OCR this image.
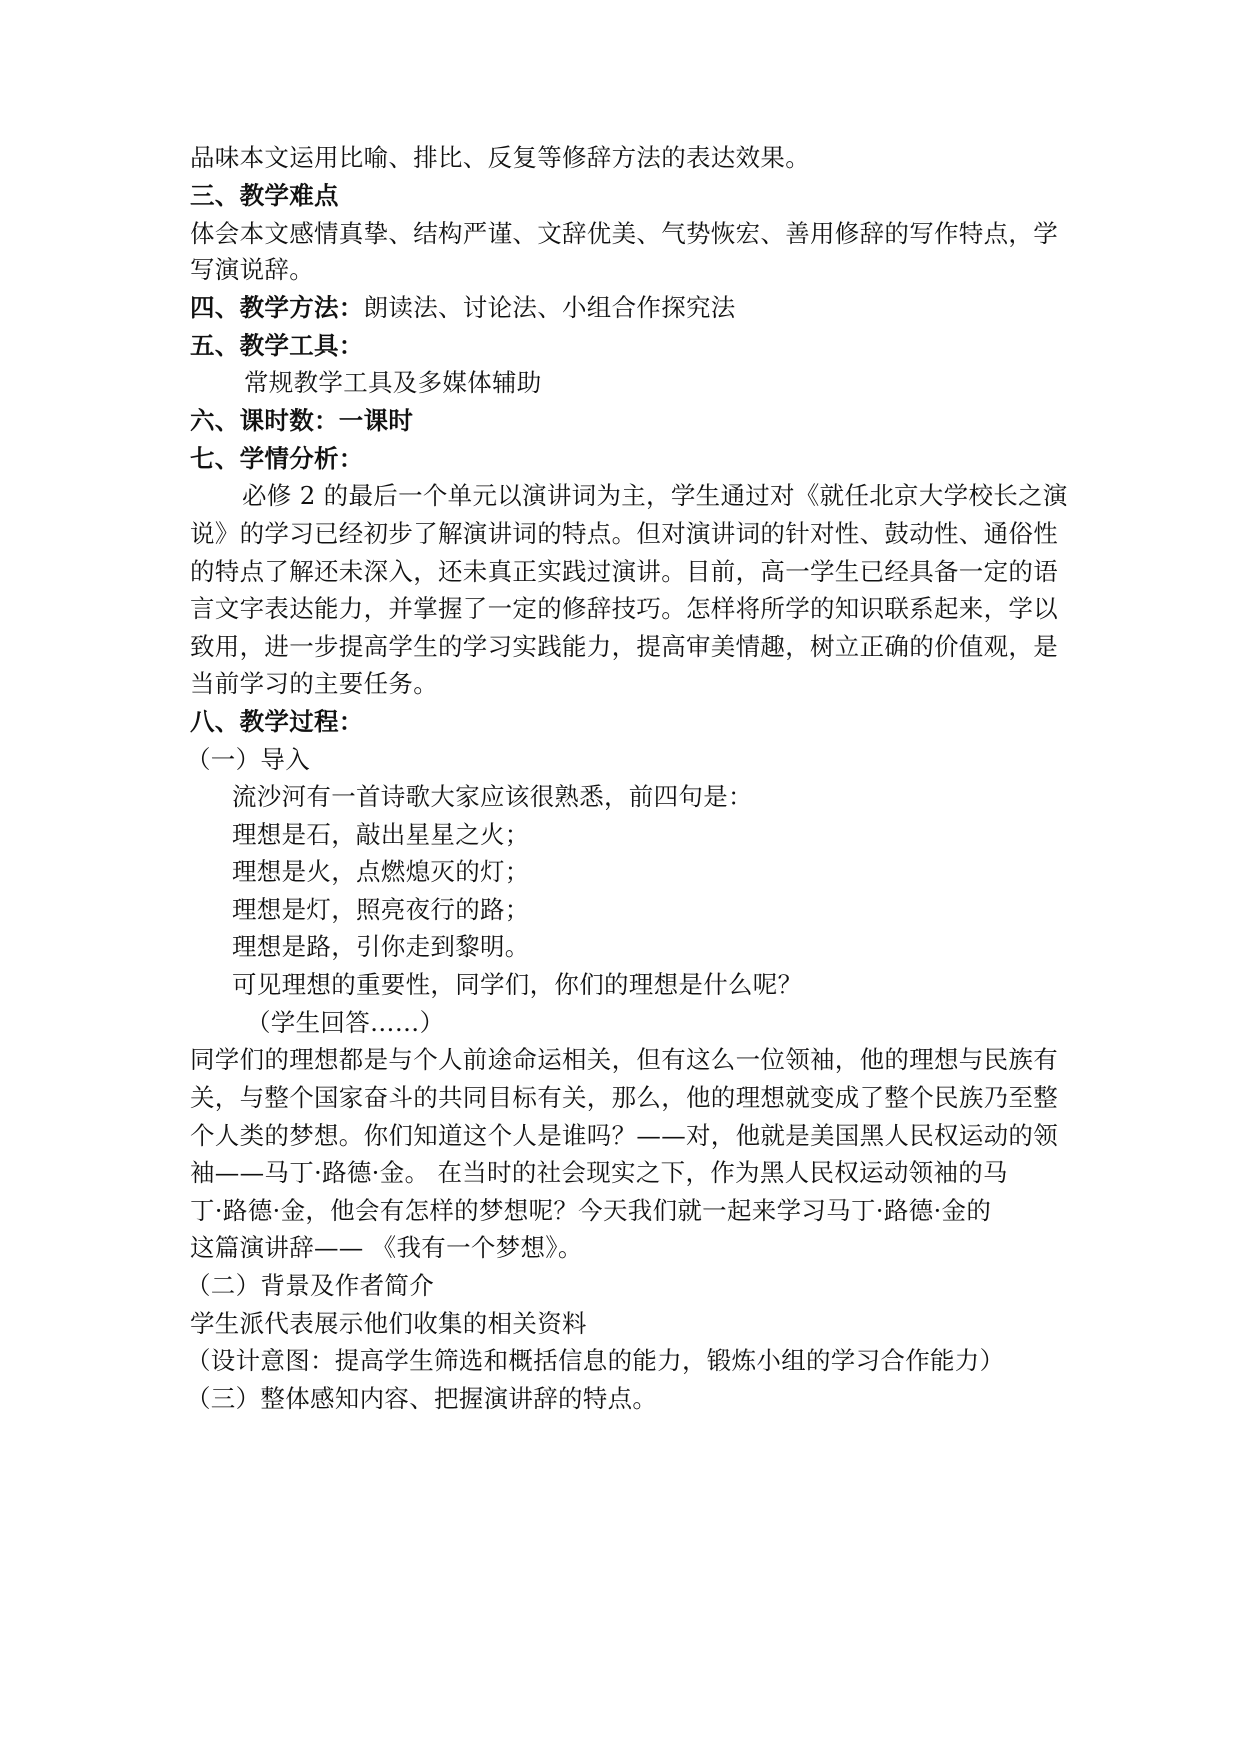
品味本文运用比喻、排比、反复等修辞方法的表达效果。
三、教学难点
体会本文感情真挚、结构严谨、文辞优美、气势恢宏、善用修辞的写作特点，学
写演说辞。
四、教学方法：朗读法、讨论法、小组合作探究法
五、教学工具：
常规教学工具及多媒体辅助
六、课时数：一课时
七、学情分析：
必修 2 的最后一个单元以演讲词为主，学生通过对《就任北京大学校长之演
说》的学习已经初步了解演讲词的特点。但对演讲词的针对性、鼓动性、通俗性
的特点了解还未深入，还未真正实践过演讲。目前，高一学生已经具备一定的语
言文字表达能力，并掌握了一定的修辞技巧。怎样将所学的知识联系起来，学以
致用，进一步提高学生的学习实践能力，提高审美情趣，树立正确的价值观，是
当前学习的主要任务。
八、教学过程：
（一）导入
流沙河有一首诗歌大家应该很熟悉，前四句是：
理想是石，敲出星星之火；
理想是火，点燃熄灭的灯；
理想是灯，照亮夜行的路；
理想是路，引你走到黎明。
可见理想的重要性，同学们，你们的理想是什么呢？
（学生回答……）
同学们的理想都是与个人前途命运相关，但有这么一位领袖，他的理想与民族有
关，与整个国家奋斗的共同目标有关，那么，他的理想就变成了整个民族乃至整
个人类的梦想。你们知道这个人是谁吗？——对，他就是美国黑人民权运动的领
袖——马丁·路德·金。 在当时的社会现实之下，作为黑人民权运动领袖的马
丁·路德·金，他会有怎样的梦想呢？今天我们就一起来学习马丁·路德·金的
这篇演讲辞—— 《我有一个梦想》。
（二）背景及作者简介
学生派代表展示他们收集的相关资料
（设计意图：提高学生筛选和概括信息的能力，锻炼小组的学习合作能力）
（三）整体感知内容、把握演讲辞的特点。
